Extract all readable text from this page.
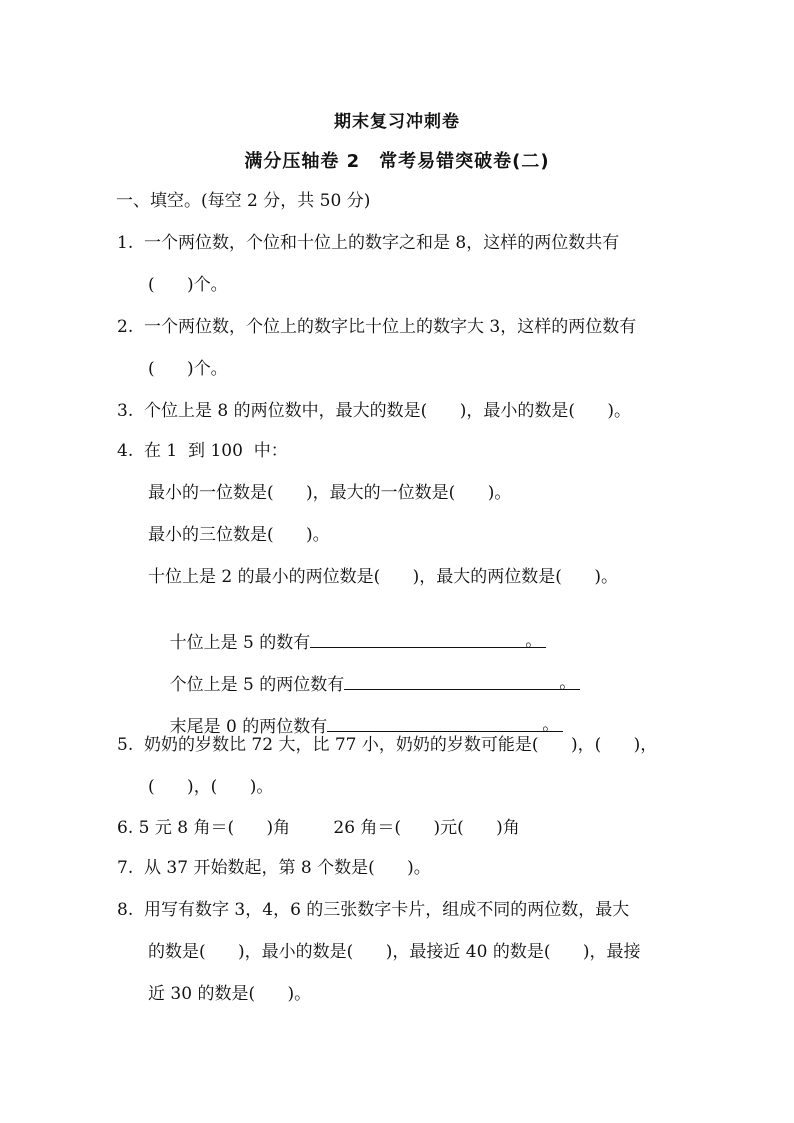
期末复习冲刺卷
满分压轴卷 2　常考易错突破卷(二)
一、填空。(每空 2 分，共 50 分)
1.  一个两位数，个位和十位上的数字之和是 8，这样的两位数共有
(      )个。
2.  一个两位数，个位上的数字比十位上的数字大 3，这样的两位数有
(      )个。
3.  个位上是 8 的两位数中，最大的数是(      )，最小的数是(      )。
4.  在 1  到 100  中：
最小的一位数是(      )，最大的一位数是(      )。
最小的三位数是(      )。
十位上是 2 的最小的两位数是(      )，最大的两位数是(      )。

十位上是 5 的数有	。

个位上是 5 的两位数有	。

末尾是 0 的两位数有	。

5.  奶奶的岁数比 72 大，比 77 小，奶奶的岁数可能是(      )，(      )，
(      )，(      )。
6. 5 元 8 角＝(      )角        26 角＝(      )元(      )角
7.  从 37 开始数起，第 8 个数是(      )。
8.  用写有数字 3，4，6 的三张数字卡片，组成不同的两位数，最大
的数是(      )，最小的数是(      )，最接近 40 的数是(      )，最接
近 30 的数是(      )。
